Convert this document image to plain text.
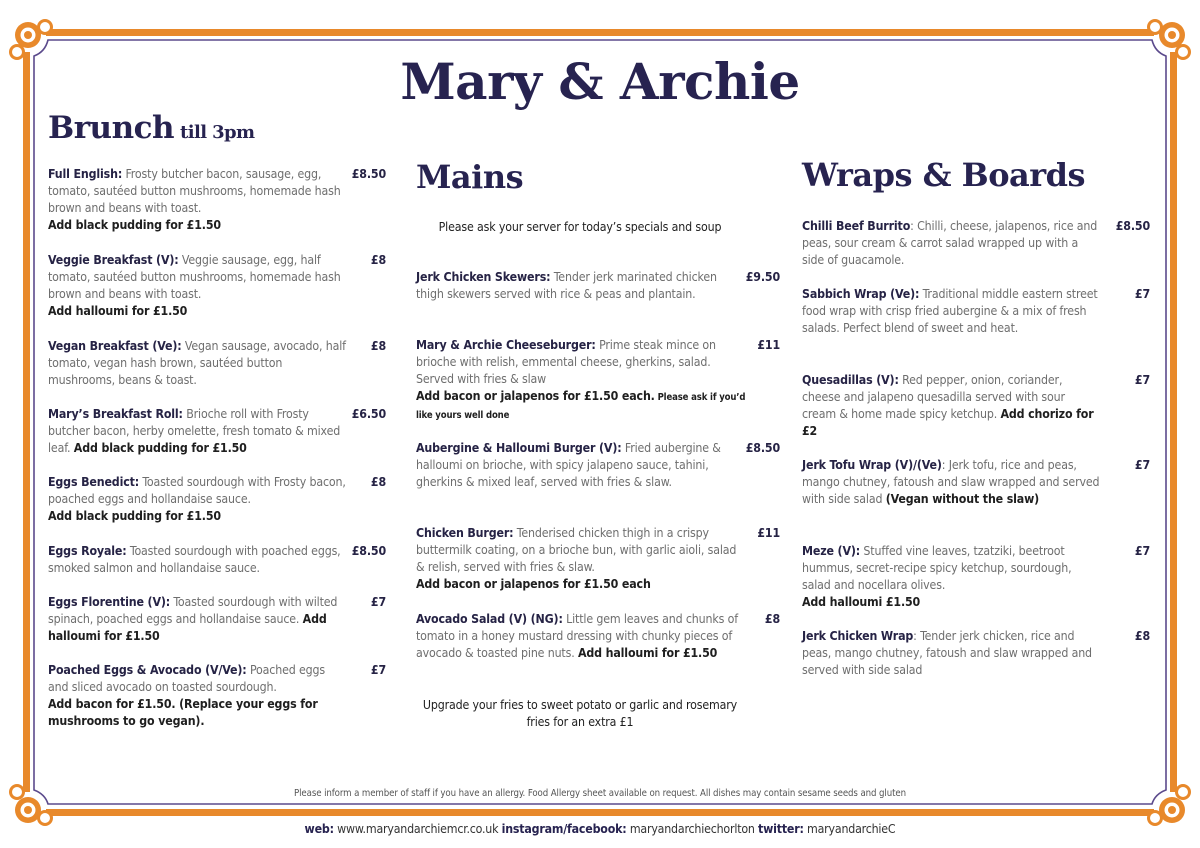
Mary & Archie
Brunch till 3pm
Full English: Frosty butcher bacon, sausage, egg, tomato, sautéed button mushrooms, homemade hash brown and beans with toast.
Add black pudding for £1.50
£8.50
Veggie Breakfast (V): Veggie sausage, egg, half tomato, sautéed button mushrooms, homemade hash brown and beans with toast.
Add halloumi for £1.50
£8
Vegan Breakfast (Ve): Vegan sausage, avocado, half tomato, vegan hash brown, sautéed button mushrooms, beans & toast.
£8
Mary’s Breakfast Roll: Brioche roll with Frosty butcher bacon, herby omelette, fresh tomato & mixed leaf. Add black pudding for £1.50
£6.50
Eggs Benedict: Toasted sourdough with Frosty bacon, poached eggs and hollandaise sauce.
Add black pudding for £1.50
£8
Eggs Royale: Toasted sourdough with poached eggs, smoked salmon and hollandaise sauce.
£8.50
Eggs Florentine (V): Toasted sourdough with wilted spinach, poached eggs and hollandaise sauce. Add halloumi for £1.50
£7
Poached Eggs & Avocado (V/Ve): Poached eggs and sliced avocado on toasted sourdough.
Add bacon for £1.50. (Replace your eggs for mushrooms to go vegan).
£7
Jerk Chicken Skewers: Tender jerk marinated chicken thigh skewers served with rice & peas and plantain.
£9.50
Mary & Archie Cheeseburger: Prime steak mince on brioche with relish, emmental cheese, gherkins, salad. Served with fries & slaw
Add bacon or jalapenos for £1.50 each. Please ask if you’d like yours well done
£11
Aubergine & Halloumi Burger (V): Fried aubergine & halloumi on brioche, with spicy jalapeno sauce, tahini, gherkins & mixed leaf, served with fries & slaw.
£8.50
Chicken Burger: Tenderised chicken thigh in a crispy buttermilk coating, on a brioche bun, with garlic aioli, salad & relish, served with fries & slaw.
Add bacon or jalapenos for £1.50 each
£11
Avocado Salad (V) (NG): Little gem leaves and chunks of tomato in a honey mustard dressing with chunky pieces of avocado & toasted pine nuts. Add halloumi for £1.50
£8
Chilli Beef Burrito: Chilli, cheese, jalapenos, rice and peas, sour cream & carrot salad wrapped up with a side of guacamole.
£8.50
Sabbich Wrap (Ve): Traditional middle eastern street food wrap with crisp fried aubergine & a mix of fresh salads. Perfect blend of sweet and heat.
£7
Quesadillas (V): Red pepper, onion, coriander, cheese and jalapeno quesadilla served with sour cream & home made spicy ketchup. Add chorizo for £2
£7
Jerk Tofu Wrap (V)/(Ve): Jerk tofu, rice and peas, mango chutney, fatoush and slaw wrapped and served with side salad (Vegan without the slaw)
£7
Meze (V): Stuffed vine leaves, tzatziki, beetroot hummus, secret-recipe spicy ketchup, sourdough, salad and nocellara olives.
Add halloumi £1.50
£7
Jerk Chicken Wrap: Tender jerk chicken, rice and peas, mango chutney, fatoush and slaw wrapped and served with side salad
£8
Mains
Please ask your server for today’s specials and soup
Upgrade your fries to sweet potato or garlic and rosemary fries for an extra £1
Wraps & Boards
Please inform a member of staff if you have an allergy. Food Allergy sheet available on request. All dishes may contain sesame seeds and gluten
web: www.maryandarchiemcr.co.uk instagram/facebook: maryandarchiechorlton twitter: maryandarchieC
